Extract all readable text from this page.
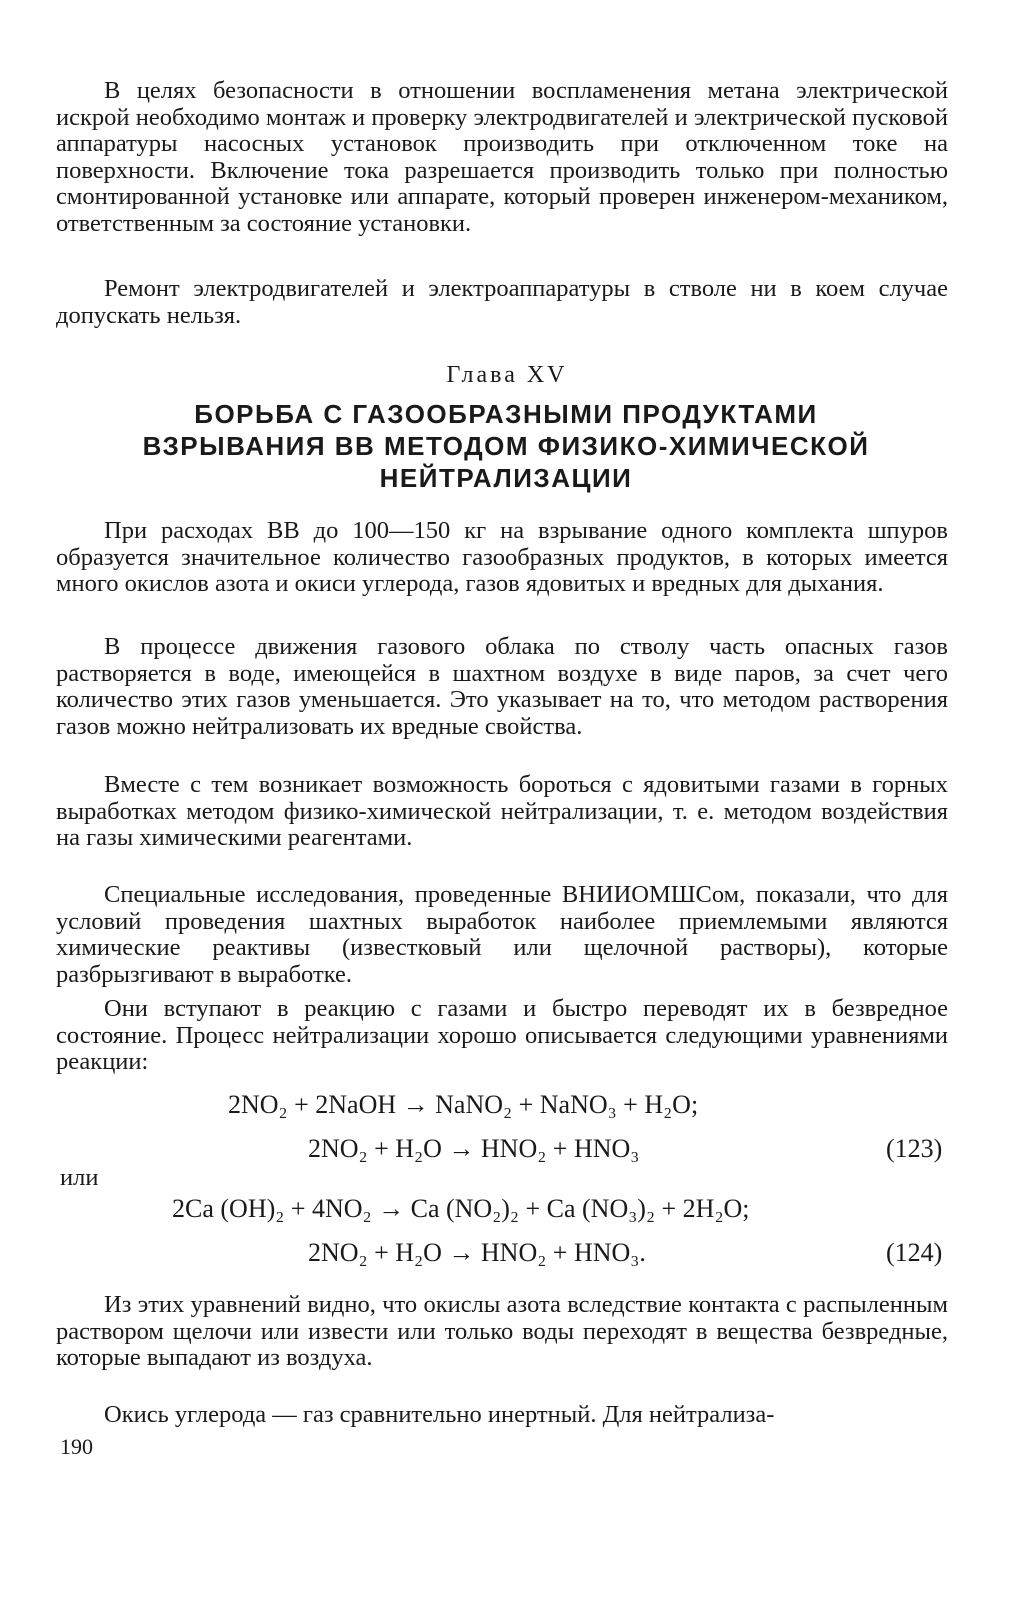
В целях безопасности в отношении воспламенения метана электрической искрой необходимо монтаж и проверку электродвигателей и электрической пусковой аппаратуры насосных установок производить при отключенном токе на поверхности. Включение тока разрешается производить только при полностью смонтированной установке или аппарате, который проверен инженером-механиком, ответственным за состояние установки.

Ремонт электродвигателей и электроаппаратуры в стволе ни в коем случае допускать нельзя.

Глава XV
БОРЬБА С ГАЗООБРАЗНЫМИ ПРОДУКТАМИ
ВЗРЫВАНИЯ ВВ МЕТОДОМ ФИЗИКО-ХИМИЧЕСКОЙ
НЕЙТРАЛИЗАЦИИ

При расходах ВВ до 100—150 кг на взрывание одного комплекта шпуров образуется значительное количество газообразных продуктов, в которых имеется много окислов азота и окиси углерода, газов ядовитых и вредных для дыхания.

В процессе движения газового облака по стволу часть опасных газов растворяется в воде, имеющейся в шахтном воздухе в виде паров, за счет чего количество этих газов уменьшается. Это указывает на то, что методом растворения газов можно нейтрализовать их вредные свойства.

Вместе с тем возникает возможность бороться с ядовитыми газами в горных выработках методом физико-химической нейтрализации, т. е. методом воздействия на газы химическими реагентами.

Специальные исследования, проведенные ВНИИОМШСом, показали, что для условий проведения шахтных выработок наиболее приемлемыми являются химические реактивы (известковый или щелочной растворы), которые разбрызгивают в выработке.

Они вступают в реакцию с газами и быстро переводят их в безвредное состояние. Процесс нейтрализации хорошо описывается следующими уравнениями реакции:

2NO₂ + 2NaOH → NaNO₂ + NaNO₃ + H₂O;
2NO₂ + H₂O → HNO₂ + HNO₃	(123)
или
2Ca (OH)₂ + 4NO₂ → Ca (NO₂)₂ + Ca (NO₃)₂ + 2H₂O;
2NO₂ + H₂O → HNO₂ + HNO₃.	(124)

Из этих уравнений видно, что окислы азота вследствие контакта с распыленным раствором щелочи или извести или только воды переходят в вещества безвредные, которые выпадают из воздуха.

Окись углерода — газ сравнительно инертный. Для нейтрализа-

190
